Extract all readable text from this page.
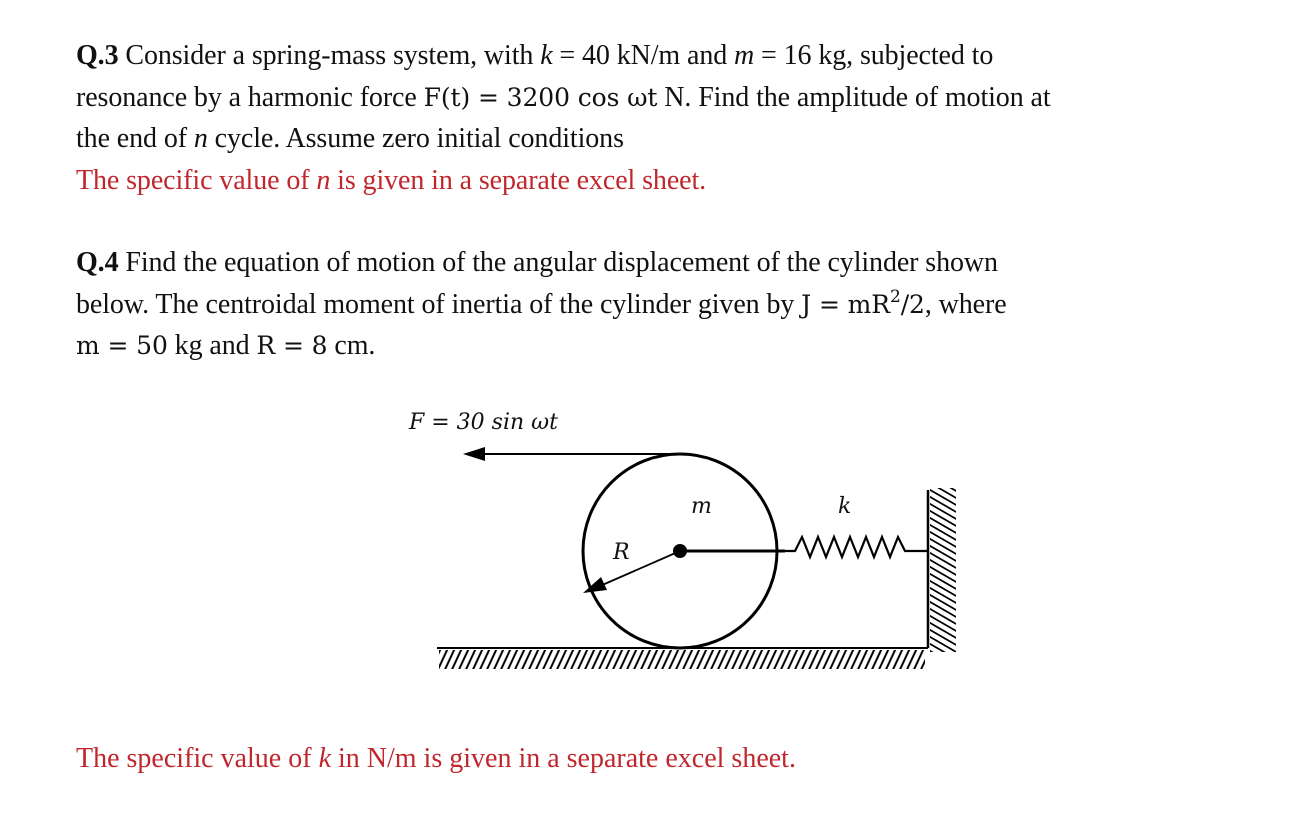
Q.3 Consider a spring-mass system, with k = 40 kN/m and m = 16 kg, subjected to
resonance by a harmonic force F(t) = 3200 cos ωt N. Find the amplitude of motion at
the end of n cycle. Assume zero initial conditions
The specific value of n is given in a separate excel sheet.
Q.4 Find the equation of motion of the angular displacement of the cylinder shown
below. The centroidal moment of inertia of the cylinder given by $J = mR^2/2$, where
m = 50 kg and R = 8 cm.
F = 30 sin ωt
m
R
k
The specific value of k in N/m is given in a separate excel sheet.
